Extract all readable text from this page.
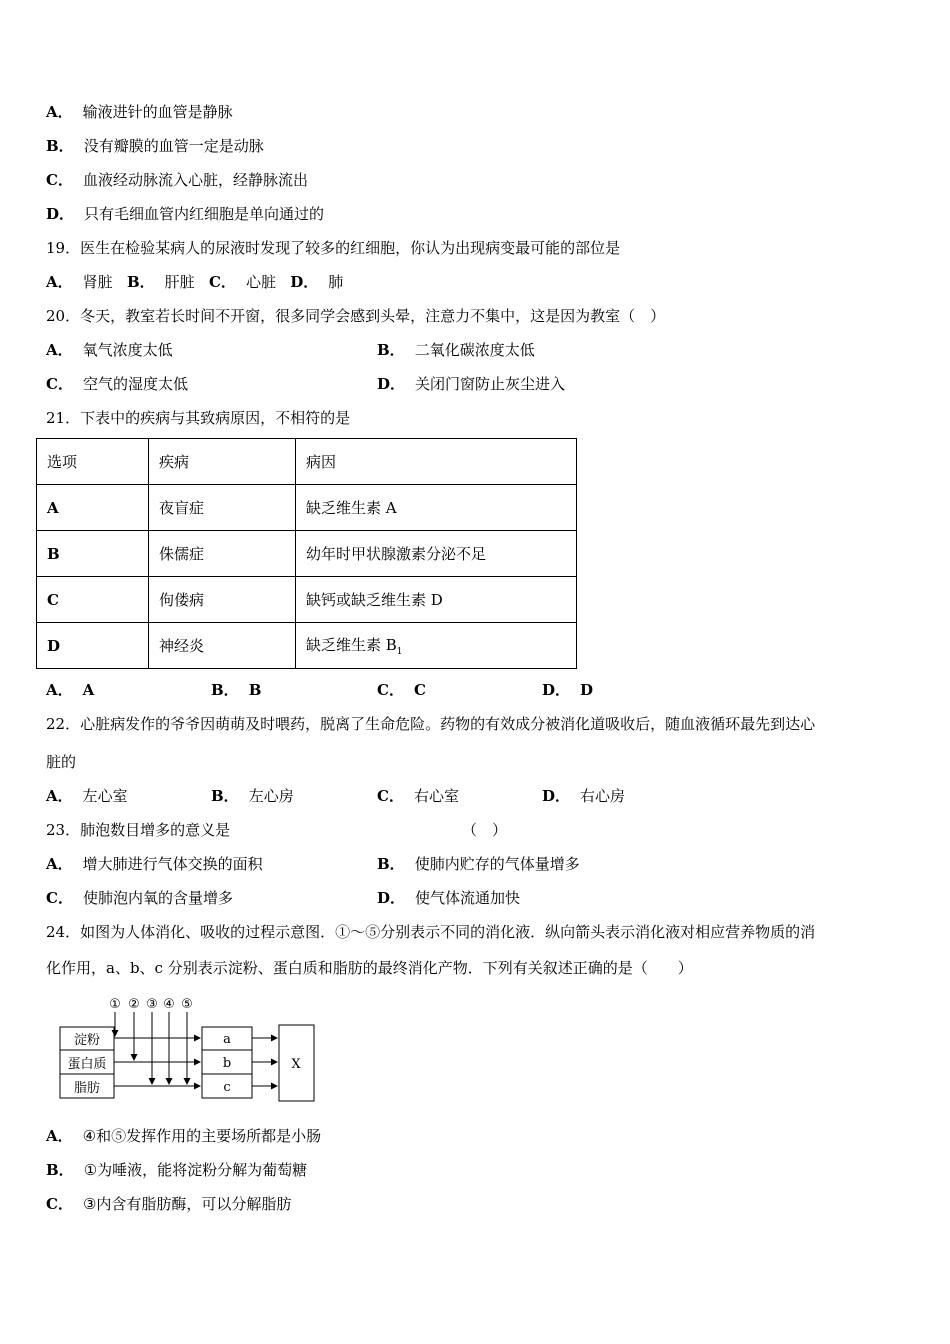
A． 输液进针的血管是静脉
B． 没有瓣膜的血管一定是动脉
C． 血液经动脉流入心脏，经静脉流出
D． 只有毛细血管内红细胞是单向通过的
19．医生在检验某病人的尿液时发现了较多的红细胞，你认为出现病变最可能的部位是
A． 肾脏 B． 肝脏 C． 心脏 D． 肺
20．冬天，教室若长时间不开窗，很多同学会感到头晕，注意力不集中，这是因为教室（　）
A． 氧气浓度太低	B． 二氧化碳浓度太低
C． 空气的湿度太低	D． 关闭门窗防止灰尘进入
21．下表中的疾病与其致病原因，不相符的是
选项	疾病	病因
A	夜盲症	缺乏维生素 A
B	侏儒症	幼年时甲状腺激素分泌不足
C	佝偻病	缺钙或缺乏维生素 D
D	神经炎	缺乏维生素 $B_1$
A． A	B． B	C． C	D． D
22．心脏病发作的爷爷因萌萌及时喂药，脱离了生命危险。药物的有效成分被消化道吸收后，随血液循环最先到达心
脏的
A． 左心室	B． 左心房	C． 右心室	D． 右心房
23．肺泡数目增多的意义是	（　）
A． 增大肺进行气体交换的面积	B． 使肺内贮存的气体量增多
C． 使肺泡内氧的含量增多	D． 使气体流通加快
24．如图为人体消化、吸收的过程示意图．①～⑤分别表示不同的消化液．纵向箭头表示消化液对相应营养物质的消
化作用，a、b、c 分别表示淀粉、蛋白质和脂肪的最终消化产物．下列有关叙述正确的是（　　）
① ② ③ ④ ⑤
淀粉
蛋白质
脂肪
a
b
c
X
A． ④和⑤发挥作用的主要场所都是小肠
B． ①为唾液，能将淀粉分解为葡萄糖
C． ③内含有脂肪酶，可以分解脂肪
